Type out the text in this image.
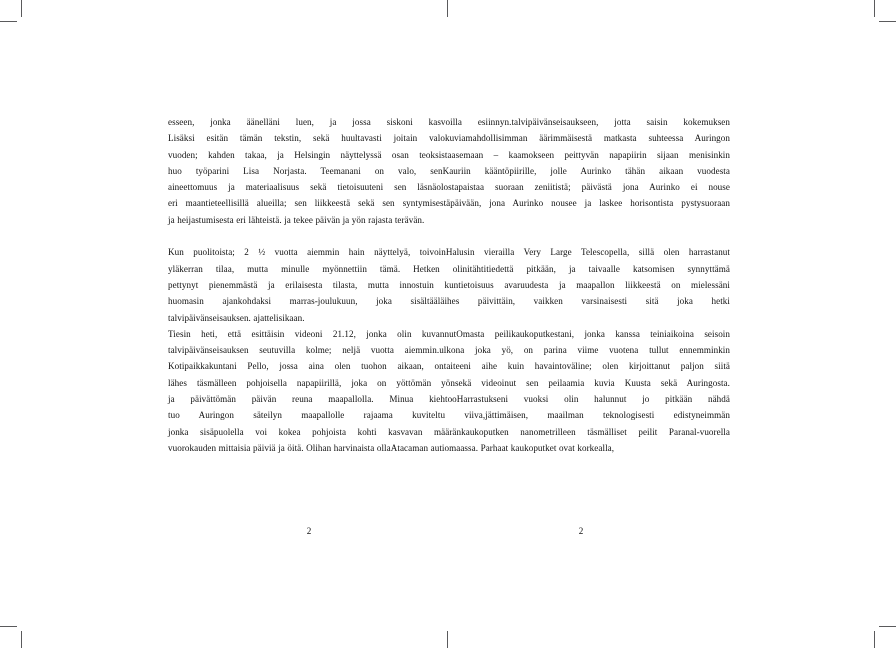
esseen, jonka äänelläni luen, ja jossa siskoni kasvoilla esiinnyn.talvipäivänseisaukseen, jotta saisin kokemuksen
Lisäksi esitän tämän tekstin, sekä huultavasti joitain valokuviamahdollisimman äärimmäisestä matkasta suhteessa Auringon
vuoden; kahden takaa, ja Helsingin näyttelyssä osan teoksistaasemaan – kaamokseen peittyvän napapiirin sijaan menisinkin
huo työparini Lisa Norjasta. Teemanani on valo, senKauriin kääntöpiirille, jolle Aurinko tähän aikaan vuodesta
aineettomuus ja materiaalisuus sekä tietoisuuteni sen läsnäolostapaistaa suoraan zeniitistä; päivästä jona Aurinko ei nouse
eri maantieteellisillä alueilla; sen liikkeestä sekä sen syntymisestäpäivään, jona Aurinko nousee ja laskee horisontista pystysuoraan
ja heijastumisesta eri lähteistä. ja tekee päivän ja yön rajasta terävän.

Kun puolitoista; 2 ½ vuotta aiemmin hain näyttelyä, toivoinHalusin vierailla Very Large Telescopella, sillä olen harrastanut
yläkerran tilaa, mutta minulle myönnettiin tämä. Hetken olinitähtitiedettä pitkään, ja taivaalle katsomisen synnyttämä
pettynyt pienemmästä ja erilaisesta tilasta, mutta innostuin kuntietoisuus avaruudesta ja maapallon liikkeestä on mielessäni
huomasin ajankohdaksi marras-joulukuun, joka sisältääläihes päivittäin, vaikken varsinaisesti sitä joka hetki
talvipäivänseisauksen. ajattelisikaan.

Tiesin heti, että esittäisin videoni 21.12, jonka olin kuvannutOmasta peilikaukoputkestani, jonka kanssa teiniaikoina seisoin
talvipäivänseisauksen seutuvilla kolme; neljä vuotta aiemmin.ulkona joka yö, on parina viime vuotena tullut ennemminkin
Kotipaikkakuntani Pello, jossa aina olen tuohon aikaan, ontaiteeni aihe kuin havaintoväline; olen kirjoittanut paljon siitä
lähes täsmälleen pohjoisella napapiirillä, joka on yöttömän yönsekä videoinut sen peilaamia kuvia Kuusta sekä Auringosta.
ja päivättömän päivän reuna maapallolla. Minua kiehtooHarrastukseni vuoksi olin halunnut jo pitkään nähdä
tuo Auringon säteilyn maapallolle rajaama kuviteltu viiva,jättimäisen, maailman teknologisesti edistyneimmän
jonka sisäpuolella voi kokea pohjoista kohti kasvavan määränkaukoputken nanometrilleen täsmälliset peilit Paranal-vuorella
vuorokauden mittaisia päiviä ja öitä. Olihan harvinaista ollaAtacaman autiomaassa. Parhaat kaukoputket ovat korkealla,

2	2
